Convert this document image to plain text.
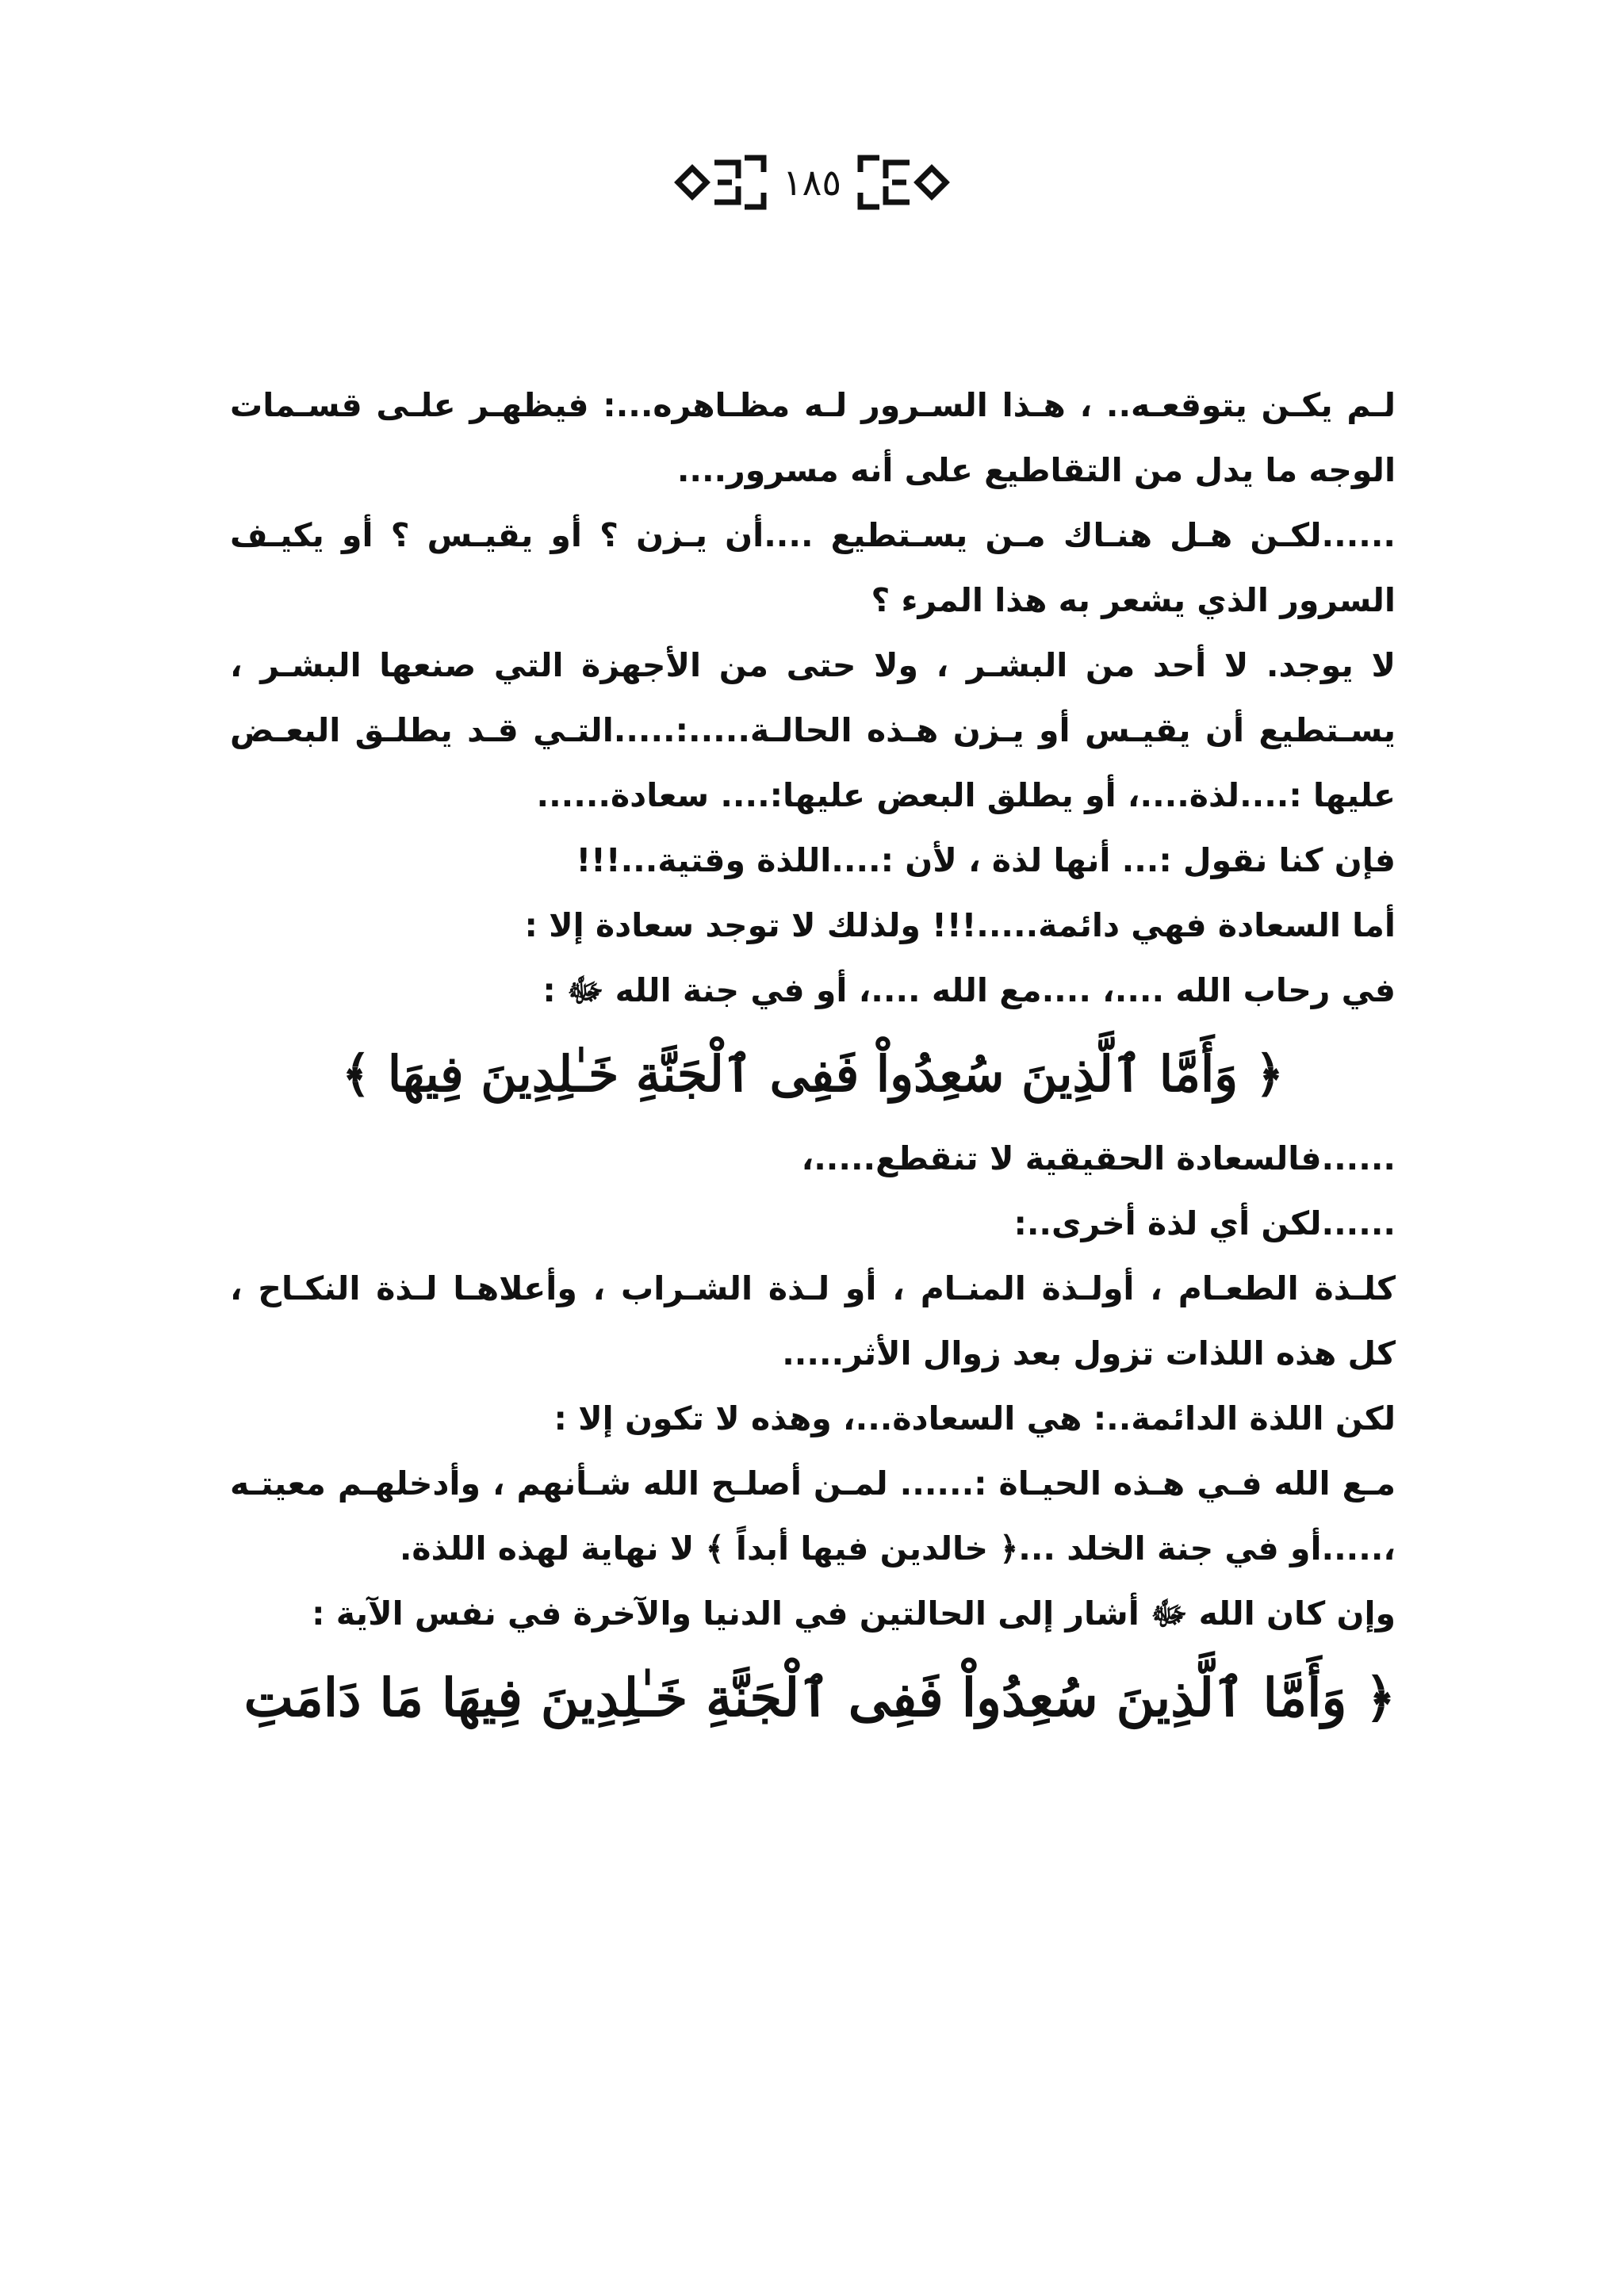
١٨٥
لـم يكـن يتوقعـه.. ، هـذا السـرور لـه مظـاهره...: فيظهـر علـى قسـمات
الوجه ما يدل من التقاطيع على أنه مسرور....
......لكـن هـل هنـاك مـن يسـتطيع ....أن يـزن ؟ أو يقيـس ؟ أو يكيـف
السرور الذي يشعر به هذا المرء ؟
لا يوجد. لا أحد من البشـر ، ولا حتى من الأجهزة التي صنعها البشـر ،
يسـتطيع أن يقيـس أو يـزن هـذه الحالـة.....:.....التـي قـد يطلـق البعـض
عليها :....لذة....، أو يطلق البعض عليها:.... سعادة......
فإن كنا نقول :... أنها لذة ، لأن :....اللذة وقتية...!!!
أما السعادة فهي دائمة.....!!! ولذلك لا توجد سعادة إلا :
في رحاب الله ....، ....مع الله ....، أو في جنة الله ﷻ :
﴿ وَأَمَّا ٱلَّذِينَ سُعِدُواْ فَفِى ٱلْجَنَّةِ خَـٰلِدِينَ فِيهَا ﴾
......فالسعادة الحقيقية لا تنقطع.....،
......لكن أي لذة أخرى..:
كلـذة الطعـام ، أولـذة المنـام ، أو لـذة الشـراب ، وأعلاهـا لـذة النكـاح ،
كل هذه اللذات تزول بعد زوال الأثر.....
لكن اللذة الدائمة..: هي السعادة...، وهذه لا تكون إلا :
مـع الله فـي هـذه الحيـاة :...... لمـن أصلـح الله شـأنهم ، وأدخلهـم معيتـه
،.....أو في جنة الخلد ...﴿ خالدين فيها أبداً ﴾ لا نهاية لهذه اللذة.
وإن كان الله ﷻ أشار إلى الحالتين في الدنيا والآخرة في نفس الآية :
﴿ وَأَمَّا ٱلَّذِينَ سُعِدُواْ فَفِى ٱلْجَنَّةِ خَـٰلِدِينَ فِيهَا مَا دَامَتِ
